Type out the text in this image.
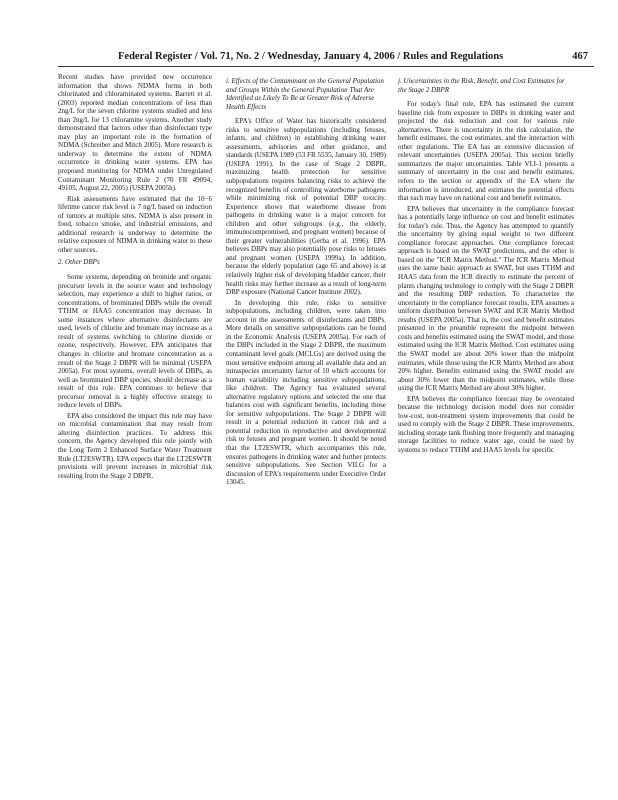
Federal Register / Vol. 71, No. 2 / Wednesday, January 4, 2006 / Rules and Regulations	467

Recent studies have provided new occurrence information that shows NDMA forms in both chlorinated and chloraminated systems. Barrett et al. (2003) reported median concentrations of less than 2ng/L for the seven chlorine systems studied and less than 2ng/L for 13 chloramine systems. Another study demonstrated that factors other than disinfectant type may play an important role in the formation of NDMA (Schreiber and Mitch 2005). More research is underway to determine the extent of NDMA occurrence in drinking water systems. EPA has proposed monitoring for NDMA under Unregulated Contaminant Monitoring Rule 2 (70 FR 49094, 49105, August 22, 2005) (USEPA 2005h).

Risk assessments have estimated that the 10−6 lifetime cancer risk level is 7 ng/L based on induction of tumors at multiple sites. NDMA is also present in food, tobacco smoke, and industrial emissions, and additional research is underway to determine the relative exposure of NDMA in drinking water to these other sources.

2. Other DBPs

Some systems, depending on bromide and organic precursor levels in the source water and technology selection, may experience a shift to higher ratios, or concentrations, of brominated DBPs while the overall TTHM or HAA5 concentration may decrease. In some instances where alternative disinfectants are used, levels of chlorite and bromate may increase as a result of systems switching to chlorine dioxide or ozone, respectively. However, EPA anticipates that changes in chlorite and bromate concentration as a result of the Stage 2 DBPR will be minimal (USEPA 2005a). For most systems, overall levels of DBPs, as well as brominated DBP species, should decrease as a result of this rule. EPA continues to believe that precursor removal is a highly effective strategy to reduce levels of DBPs.

EPA also considered the impact this rule may have on microbial contamination that may result from altering disinfection practices. To address this concern, the Agency developed this rule jointly with the Long Term 2 Enhanced Surface Water Treatment Rule (LT2ESWTR). EPA expects that the LT2ESWTR provisions will prevent increases in microbial risk resulting from the Stage 2 DBPR.

i. Effects of the Contaminant on the General Population and Groups Within the General Population That Are Identified as Likely To Be at Greater Risk of Adverse Health Effects

EPA's Office of Water has historically considered risks to sensitive subpopulations (including fetuses, infants, and children) in establishing drinking water assessments, advisories and other guidance, and standards (USEPA 1989 (53 FR 5535, January 30, 1989) (USEPA 1991). In the case of Stage 2 DBPR, maximizing health protection for sensitive subpopulations requires balancing risks to achieve the recognized benefits of controlling waterborne pathogens while minimizing risk of potential DBP toxicity. Experience shows that waterborne disease from pathogens in drinking water is a major concern for children and other subgroups (e.g., the elderly, immunocompromised, and pregnant women) because of their greater vulnerabilities (Gerba et al. 1996). EPA believes DBPs may also potentially pose risks to fetuses and pregnant women (USEPA 1999a). In addition, because the elderly population (age 65 and above) is at relatively higher risk of developing bladder cancer, their health risks may further increase as a result of long-term DBP exposure (National Cancer Institute 2002).

In developing this rule, risks to sensitive subpopulations, including children, were taken into account in the assessments of disinfectants and DBPs. More details on sensitive subpopulations can be found in the Economic Analysis (USEPA 2005a). For each of the DBPs included in the Stage 2 DBPR, the maximum contaminant level goals (MCLGs) are derived using the most sensitive endpoint among all available data and an intraspecies uncertainty factor of 10 which accounts for human variability including sensitive subpopulations, like children. The Agency has evaluated several alternative regulatory options and selected the one that balances cost with significant benefits, including those for sensitive subpopulations. The Stage 2 DBPR will result in a potential reduction in cancer risk and a potential reduction in reproductive and developmental risk to fetuses and pregnant women. It should be noted that the LT2ESWTR, which accompanies this rule, ensures pathogens in drinking water and further protects sensitive subpopulations. See Section VII.G for a discussion of EPA's requirements under Executive Order 13045.

j. Uncertainties in the Risk, Benefit, and Cost Estimates for the Stage 2 DBPR

For today's final rule, EPA has estimated the current baseline risk from exposure to DBPs in drinking water and projected the risk reduction and cost for various rule alternatives. There is uncertainty in the risk calculation, the benefit estimates, the cost estimates, and the interaction with other regulations. The EA has an extensive discussion of relevant uncertainties (USEPA 2005a). This section briefly summarizes the major uncertainties. Table VI.I-1 presents a summary of uncertainty in the cost and benefit estimates, refers to the section or appendix of the EA where the information is introduced, and estimates the potential effects that each may have on national cost and benefit estimates.

EPA believes that uncertainty in the compliance forecast has a potentially large influence on cost and benefit estimates for today's rule. Thus, the Agency has attempted to quantify the uncertainty by giving equal weight to two different compliance forecast approaches. One compliance forecast approach is based on the SWAT predictions, and the other is based on the "ICR Matrix Method." The ICR Matrix Method uses the same basic approach as SWAT, but uses TTHM and HAA5 data from the ICR directly to estimate the percent of plants changing technology to comply with the Stage 2 DBPR and the resulting DBP reduction. To characterize the uncertainty in the compliance forecast results, EPA assumes a uniform distribution between SWAT and ICR Matrix Method results (USEPA 2005a). That is, the cost and benefit estimates presented in the preamble represent the midpoint between costs and benefits estimated using the SWAT model, and those estimated using the ICR Matrix Method. Cost estimates using the SWAT model are about 20% lower than the midpoint estimates, while those using the ICR Matrix Method are about 20% higher. Benefits estimated using the SWAT model are about 30% lower than the midpoint estimates, while those using the ICR Matrix Method are about 30% higher.

EPA believes the compliance forecast may be overstated because the technology decision model does not consider low-cost, non-treatment system improvements that could be used to comply with the Stage 2 DBPR. These improvements, including storage tank flushing more frequently and managing storage facilities to reduce water age, could be used by systems to reduce TTHM and HAA5 levels for specific
